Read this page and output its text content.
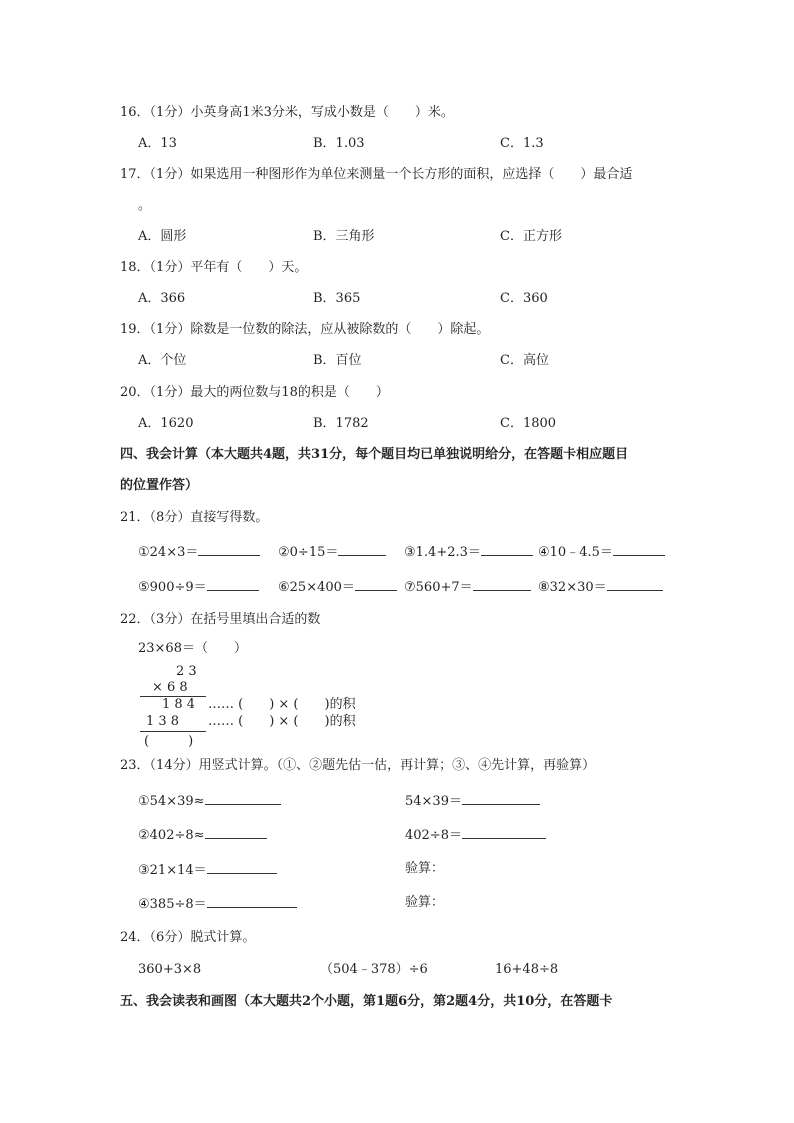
16．（1分）小英身高1米3分米，写成小数是（　　）米。
A．13	B．1.03	C．1.3
17．（1分）如果选用一种图形作为单位来测量一个长方形的面积，应选择（　　）最合适
。
A．圆形	B．三角形	C．正方形
18．（1分）平年有（　　）天。
A．366	B．365	C．360
19．（1分）除数是一位数的除法，应从被除数的（　　）除起。
A．个位	B．百位	C．高位
20．（1分）最大的两位数与18的积是（　　）
A．1620	B．1782	C．1800
四、我会计算（本大题共4题，共31分，每个题目均已单独说明给分，在答题卡相应题目
的位置作答）
21．（8分）直接写得数。
①24×3＝	②0÷15＝	③1.4+2.3＝	④10﹣4.5＝
⑤900÷9＝	⑥25×400＝	⑦560+7＝	⑧32×30＝
22．（3分）在括号里填出合适的数
23×68＝（　　）
2 3
× 6 8
1 8 4 …… (　　) × (　　)的积
1 3 8 …… (　　) × (　　)的积
(　　　)
23．（14分）用竖式计算。（①、②题先估一估，再计算；③、④先计算，再验算）
①54×39≈	54×39＝
②402÷8≈	402÷8＝
③21×14＝	验算：
④385÷8＝	验算：
24．（6分）脱式计算。
360+3×8	（504﹣378）÷6	16+48÷8
五、我会读表和画图（本大题共2个小题，第1题6分，第2题4分，共10分，在答题卡
